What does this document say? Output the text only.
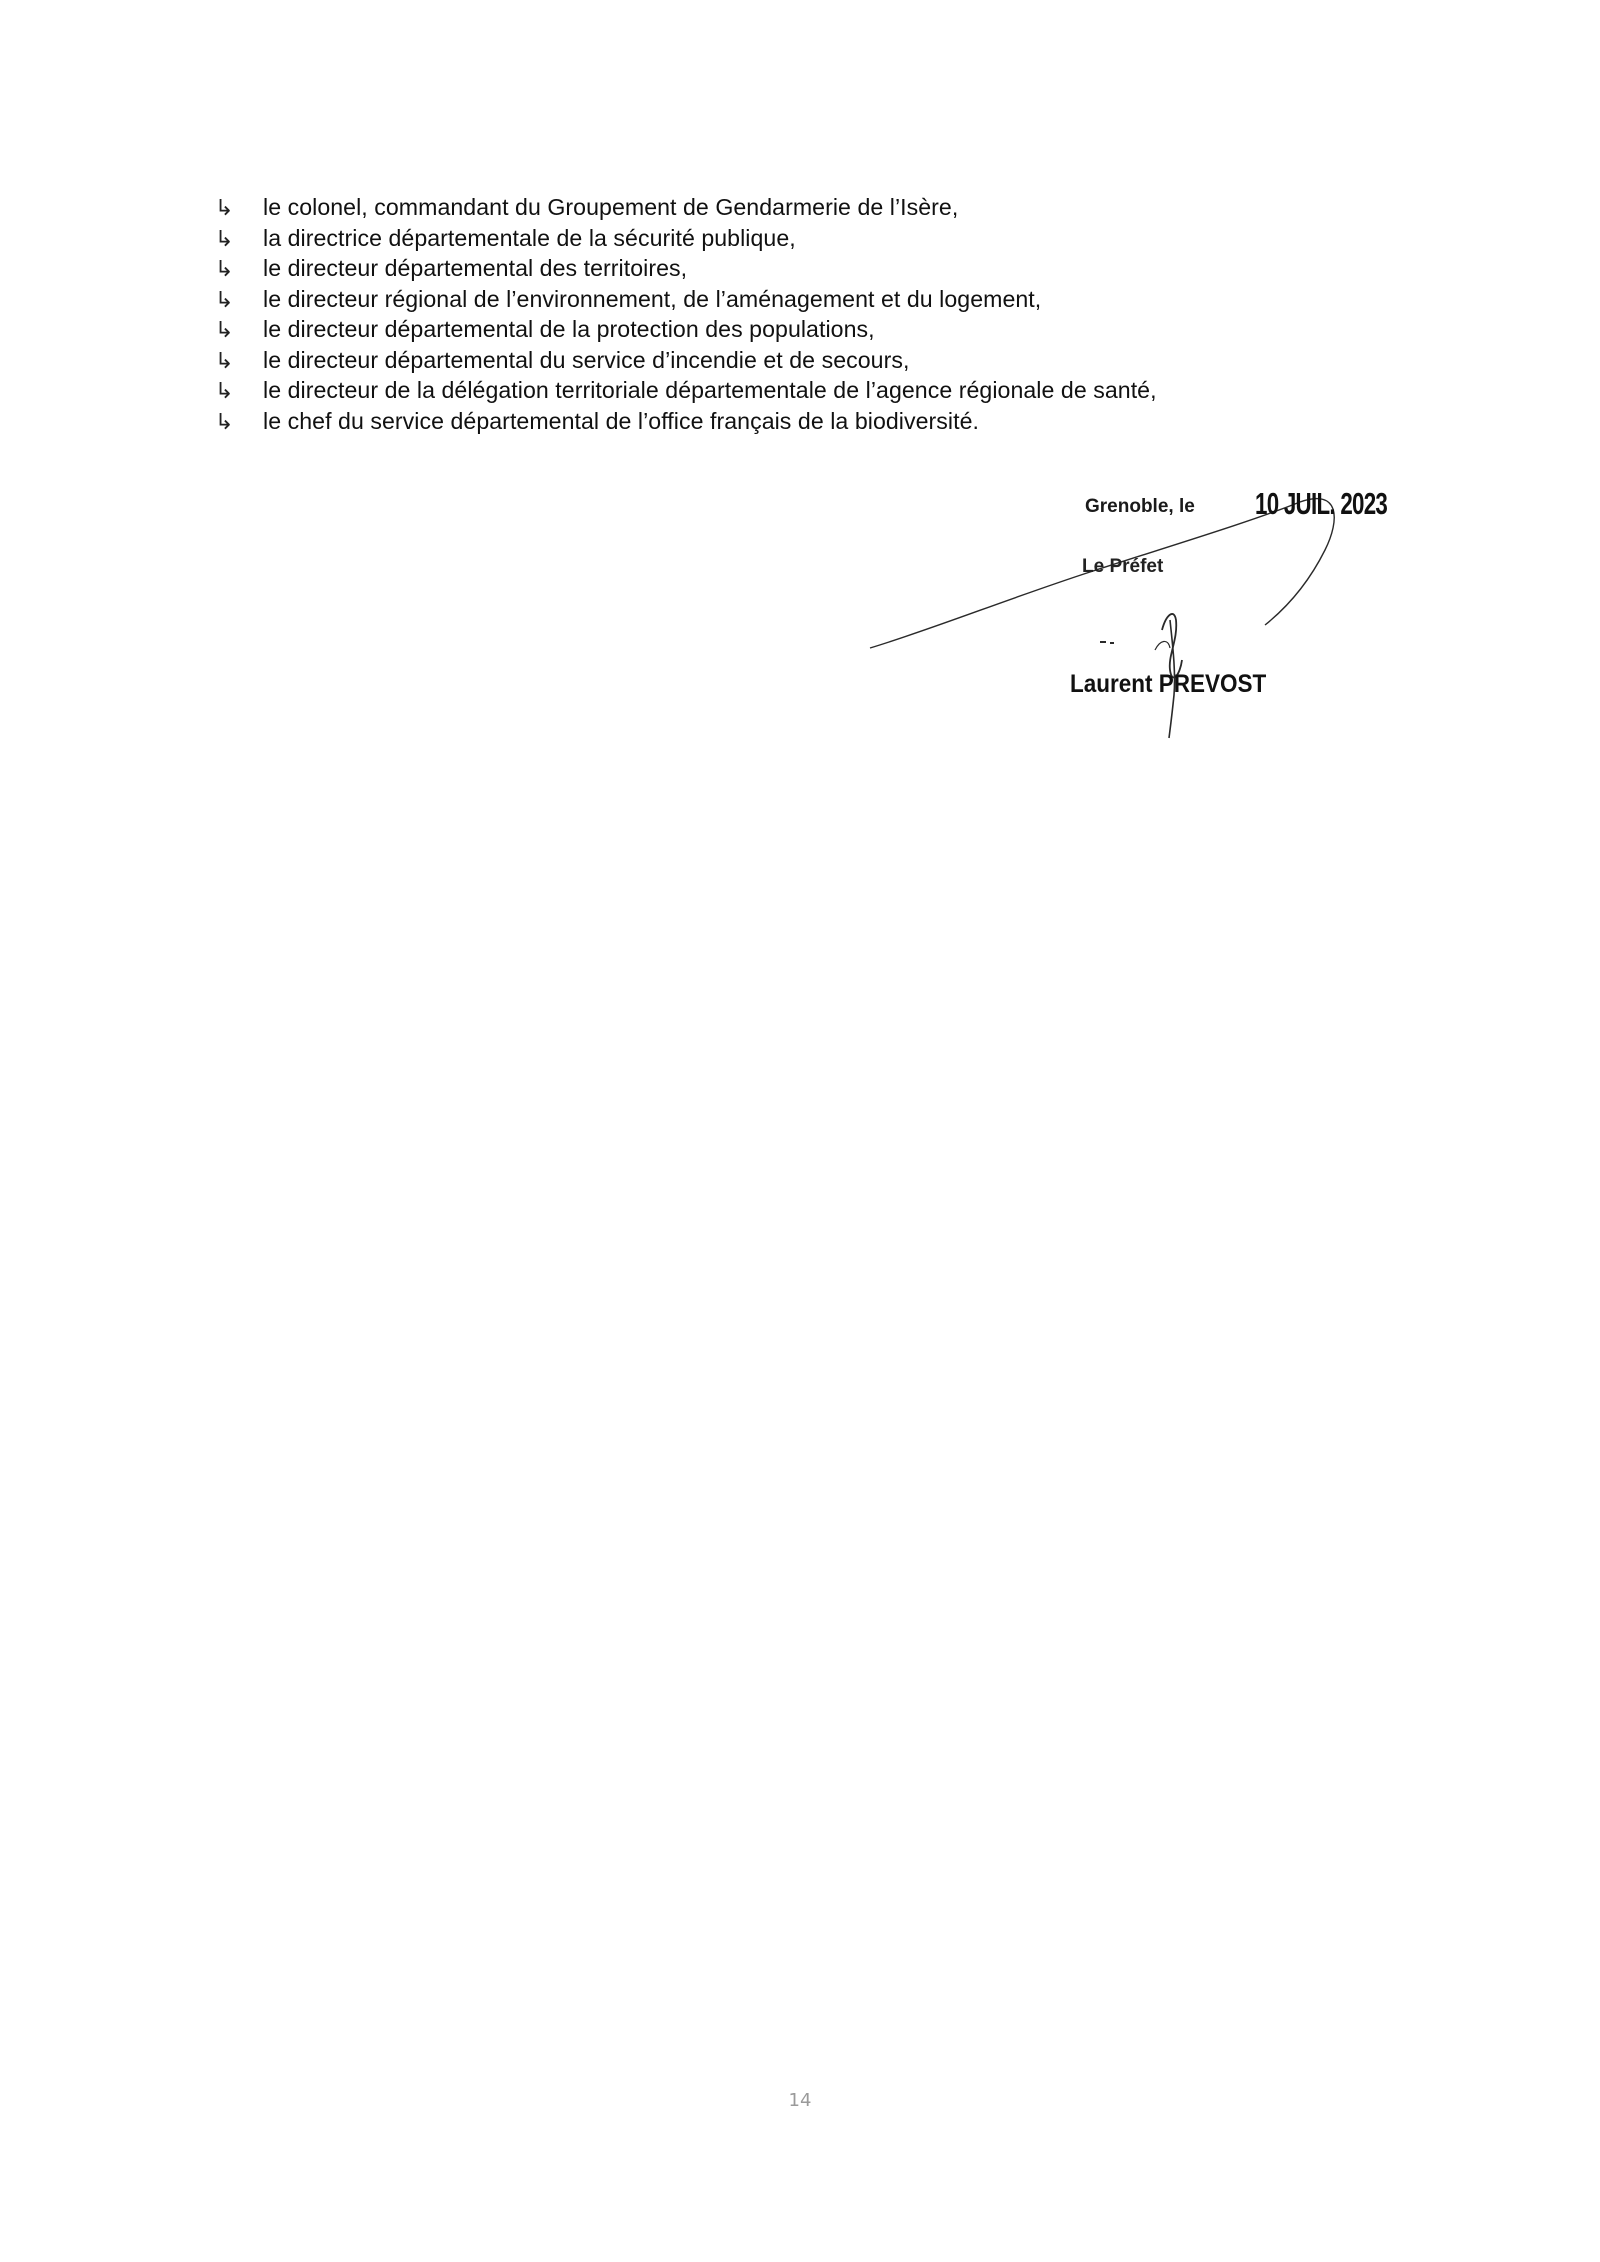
↳	le colonel, commandant du Groupement de Gendarmerie de l’Isère,
↳	la directrice départementale de la sécurité publique,
↳	le directeur départemental des territoires,
↳	le directeur régional de l’environnement, de l’aménagement et du logement,
↳	le directeur départemental de la protection des populations,
↳	le directeur départemental du service d’incendie et de secours,
↳	le directeur de la délégation territoriale départementale de l’agence régionale de santé,
↳	le chef du service départemental de l’office français de la biodiversité.
Grenoble, le 10 JUIL. 2023
Le Préfet
Laurent PREVOST
14
